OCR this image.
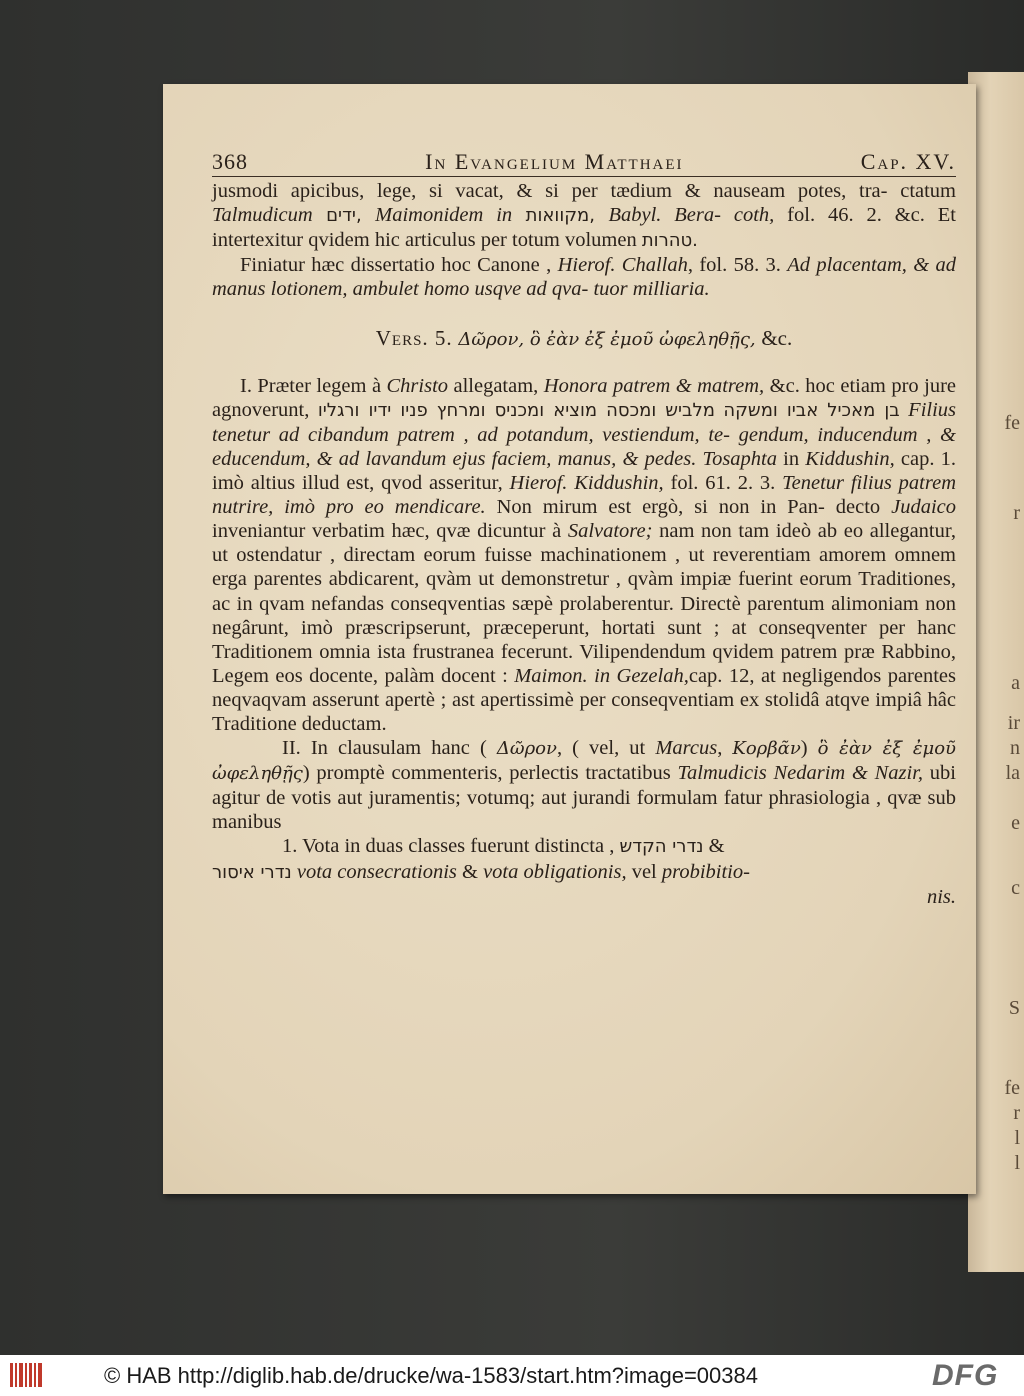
fe
r
a
ir
n
la
e
c
S
fe
r
l
l
368	In Evangelium Matthaei	Cap. XV.

jusmodi apicibus, lege, si vacat, & si per tædium & nauseam potes, tra- ctatum Talmudicum ידים, Maimonidem in מקוואות, Babyl. Bera- coth, fol. 46. 2. &c. Et intertexitur qvidem hic articulus per totum volumen טהרות.

Finiatur hæc dissertatio hoc Canone , Hierof. Challah, fol. 58. 3. Ad placentam, & ad manus lotionem, ambulet homo usqve ad qva- tuor milliaria.

Vers. 5. Δῶρον, ὃ ἐὰν ἐξ ἐμοῦ ὠφεληθῇς, &c.

I. Præter legem à Christo allegatam, Honora patrem & matrem, &c. hoc etiam pro jure agnoverunt,	בן מאכיל אביו ומשקה מלביש ומכסה מוציא ומכניס ומרחץ פניו ידיו ורגליו	Filius tenetur ad cibandum patrem , ad potandum, vestiendum, te- gendum, inducendum , & educendum, & ad lavandum ejus faciem, manus, & pedes. Tosaphta in Kiddushin, cap. 1. imò altius illud est, qvod asseritur, Hierof. Kiddushin, fol. 61. 2. 3. Tenetur filius patrem nutrire, imò pro eo mendicare. Non mirum est ergò, si non in Pan- decto Judaico inveniantur verbatim hæc, qvæ dicuntur à Salvatore; nam non tam ideò ab eo allegantur, ut ostendatur , directam eorum fuisse machinationem , ut reverentiam amorem omnem erga parentes abdicarent, qvàm ut demonstretur , qvàm impiæ fuerint eorum Traditiones, ac in qvam nefandas conseqventias sæpè prolaberentur. Directè parentum alimoniam non negârunt, imò præscripserunt, præceperunt, hortati sunt ; at conseqventer per hanc Traditionem omnia ista frustranea fecerunt. Vilipendendum qvidem patrem præ Rabbino, Legem eos docente, palàm docent : Maimon. in Gezelah,cap. 12, at negligendos parentes neqvaqvam asserunt apertè ; ast apertissimè per conseqventiam ex stolidâ atqve impiâ hâc Traditione deductam.

II. In clausulam hanc ( Δῶρον, ( vel, ut Marcus, Κορβᾶν) ὃ ἐὰν ἐξ ἐμοῦ ὠφεληθῇς) promptè commenteris, perlectis tractatibus Talmudicis Nedarim & Nazir, ubi agitur de votis aut juramentis; votumq; aut jurandi formulam fatur phrasiologia , qvæ sub manibus

1. Vota in duas classes fuerunt distincta , נדרי הקדש &

נדרי איסור vota consecrationis & vota obligationis, vel probibitio-

nis.

© HAB http://diglib.hab.de/drucke/wa-1583/start.htm?image=00384	DFG
